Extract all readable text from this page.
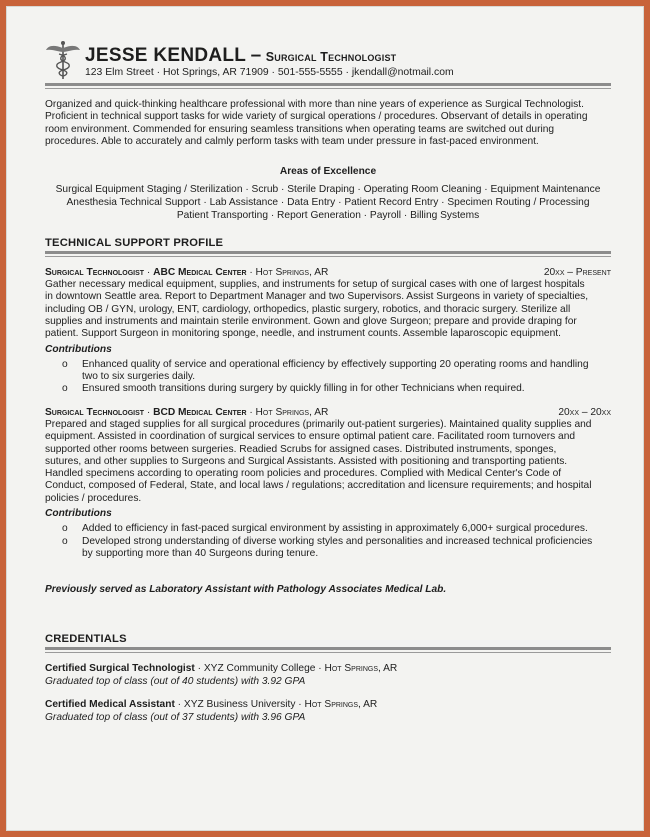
JESSE KENDALL – Surgical Technologist
123 Elm Street · Hot Springs, AR 71909 · 501-555-5555 · jkendall@notmail.com
Organized and quick-thinking healthcare professional with more than nine years of experience as Surgical Technologist.
Proficient in technical support tasks for wide variety of surgical operations / procedures. Observant of details in operating
room environment. Commended for ensuring seamless transitions when operating teams are switched out during
procedures. Able to accurately and calmly perform tasks with team under pressure in fast-paced environment.
Areas of Excellence
Surgical Equipment Staging / Sterilization · Scrub · Sterile Draping · Operating Room Cleaning · Equipment Maintenance
Anesthesia Technical Support · Lab Assistance · Data Entry · Patient Record Entry · Specimen Routing / Processing
Patient Transporting · Report Generation · Payroll · Billing Systems
TECHNICAL SUPPORT PROFILE
Surgical Technologist · ABC Medical Center · Hot Springs, AR	20xx – Present
Gather necessary medical equipment, supplies, and instruments for setup of surgical cases with one of largest hospitals
in downtown Seattle area. Report to Department Manager and two Supervisors. Assist Surgeons in variety of specialties,
including OB / GYN, urology, ENT, cardiology, orthopedics, plastic surgery, robotics, and thoracic surgery. Sterilize all
supplies and instruments and maintain sterile environment. Gown and glove Surgeon; prepare and provide draping for
patient. Support Surgeon in monitoring sponge, needle, and instrument counts. Assemble laparoscopic equipment.
Contributions
o Enhanced quality of service and operational efficiency by effectively supporting 20 operating rooms and handling
two to six surgeries daily.
o Ensured smooth transitions during surgery by quickly filling in for other Technicians when required.
Surgical Technologist · BCD Medical Center · Hot Springs, AR	20xx – 20xx
Prepared and staged supplies for all surgical procedures (primarily out-patient surgeries). Maintained quality supplies and
equipment. Assisted in coordination of surgical services to ensure optimal patient care. Facilitated room turnovers and
supported other rooms between surgeries. Readied Scrubs for assigned cases. Distributed instruments, sponges,
sutures, and other supplies to Surgeons and Surgical Assistants. Assisted with positioning and transporting patients.
Handled specimens according to operating room policies and procedures. Complied with Medical Center's Code of
Conduct, composed of Federal, State, and local laws / regulations; accreditation and licensure requirements; and hospital
policies / procedures.
Contributions
o Added to efficiency in fast-paced surgical environment by assisting in approximately 6,000+ surgical procedures.
o Developed strong understanding of diverse working styles and personalities and increased technical proficiencies
by supporting more than 40 Surgeons during tenure.
Previously served as Laboratory Assistant with Pathology Associates Medical Lab.
CREDENTIALS
Certified Surgical Technologist · XYZ Community College · Hot Springs, AR
Graduated top of class (out of 40 students) with 3.92 GPA
Certified Medical Assistant · XYZ Business University · Hot Springs, AR
Graduated top of class (out of 37 students) with 3.96 GPA
